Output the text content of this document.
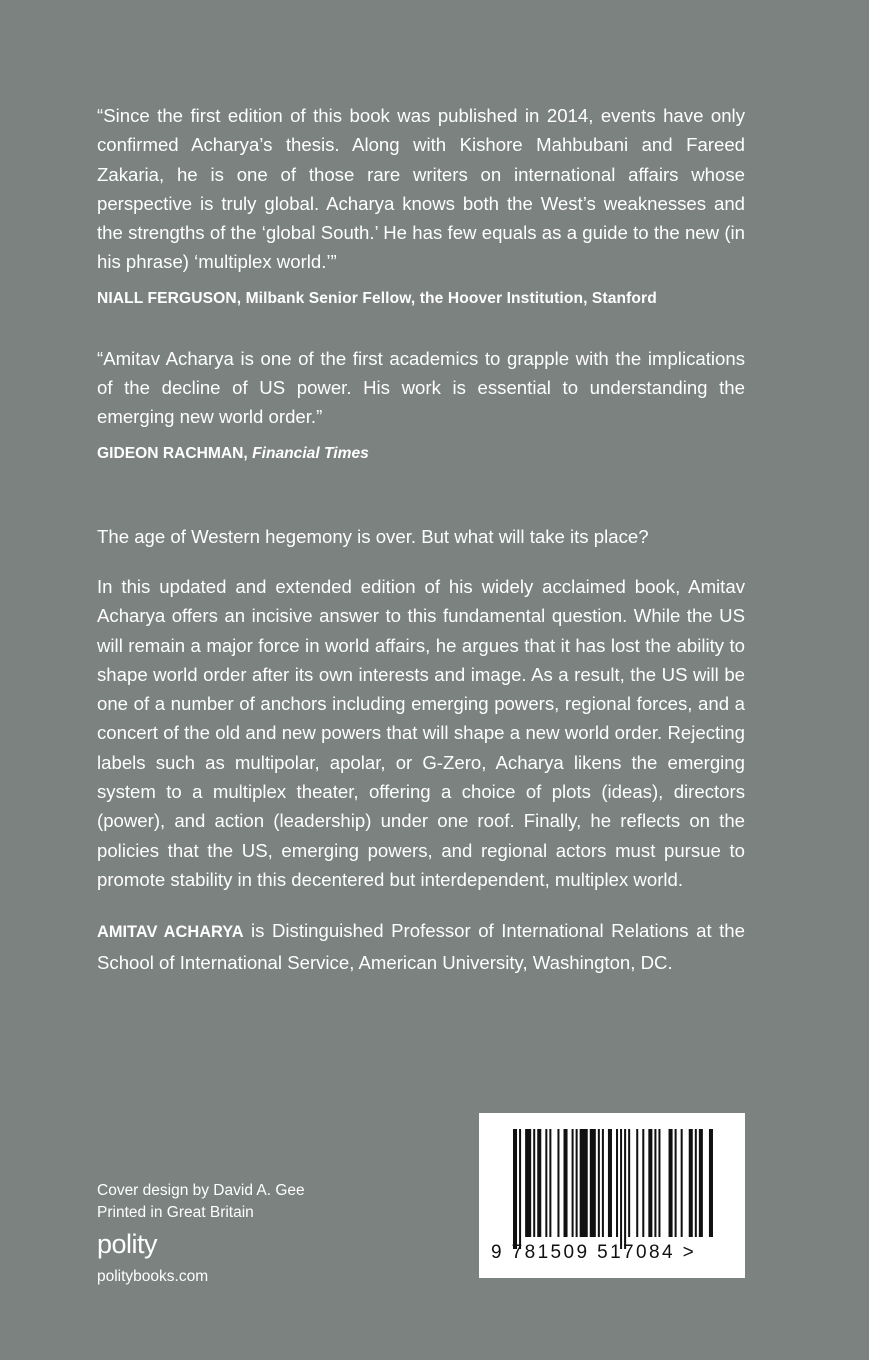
“Since the first edition of this book was published in 2014, events have only confirmed Acharya’s thesis. Along with Kishore Mahbubani and Fareed Zakaria, he is one of those rare writers on international affairs whose perspective is truly global. Acharya knows both the West’s weaknesses and the strengths of the ‘global South.’ He has few equals as a guide to the new (in his phrase) ‘multiplex world.’”

NIALL FERGUSON, Milbank Senior Fellow, the Hoover Institution, Stanford

“Amitav Acharya is one of the first academics to grapple with the implications of the decline of US power. His work is essential to understanding the emerging new world order.”

GIDEON RACHMAN, Financial Times

The age of Western hegemony is over. But what will take its place?

In this updated and extended edition of his widely acclaimed book, Amitav Acharya offers an incisive answer to this fundamental question. While the US will remain a major force in world affairs, he argues that it has lost the ability to shape world order after its own interests and image. As a result, the US will be one of a number of anchors including emerging powers, regional forces, and a concert of the old and new powers that will shape a new world order. Rejecting labels such as multipolar, apolar, or G-Zero, Acharya likens the emerging system to a multiplex theater, offering a choice of plots (ideas), directors (power), and action (leadership) under one roof. Finally, he reflects on the policies that the US, emerging powers, and regional actors must pursue to promote stability in this decentered but interdependent, multiplex world.

AMITAV ACHARYA is Distinguished Professor of International Relations at the School of International Service, American University, Washington, DC.

Cover design by David A. Gee
Printed in Great Britain
polity
politybooks.com
9 781509 517084 >
